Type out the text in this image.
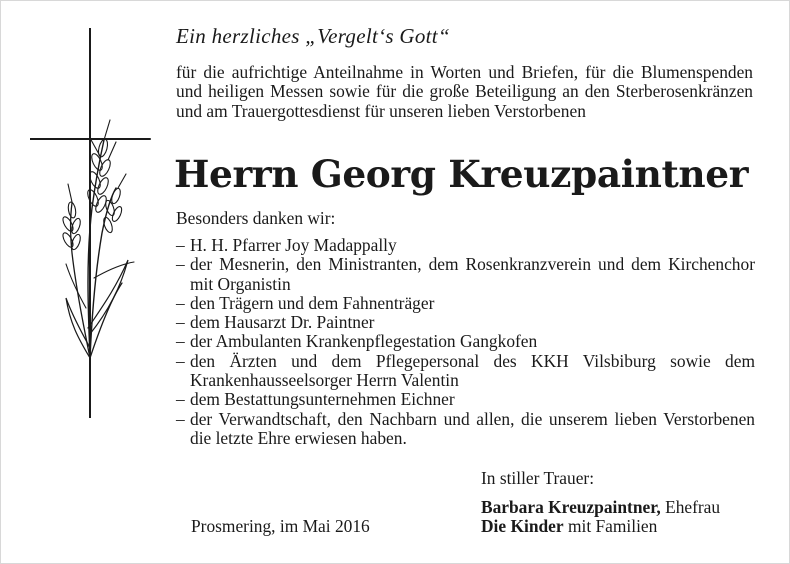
Ein herzliches „Vergelt‘s Gott“
für die aufrichtige Anteilnahme in Worten und Briefen, für die Blumenspenden und heiligen Messen sowie für die große Beteiligung an den Sterberosenkränzen und am Trauergottesdienst für unseren lieben Verstorbenen
Herrn Georg Kreuzpaintner
Besonders danken wir:
– H. H. Pfarrer Joy Madappally
– der Mesnerin, den Ministranten, dem Rosenkranzverein und dem Kirchenchor mit Organistin
– den Trägern und dem Fahnenträger
– dem Hausarzt Dr. Paintner
– der Ambulanten Krankenpflegestation Gangkofen
– den Ärzten und dem Pflegepersonal des KKH Vilsbiburg sowie dem Krankenhausseelsorger Herrn Valentin
– dem Bestattungsunternehmen Eichner
– der Verwandtschaft, den Nachbarn und allen, die unserem lieben Verstorbenen die letzte Ehre erwiesen haben.
In stiller Trauer:
Barbara Kreuzpaintner, Ehefrau
Die Kinder mit Familien
Prosmering, im Mai 2016
